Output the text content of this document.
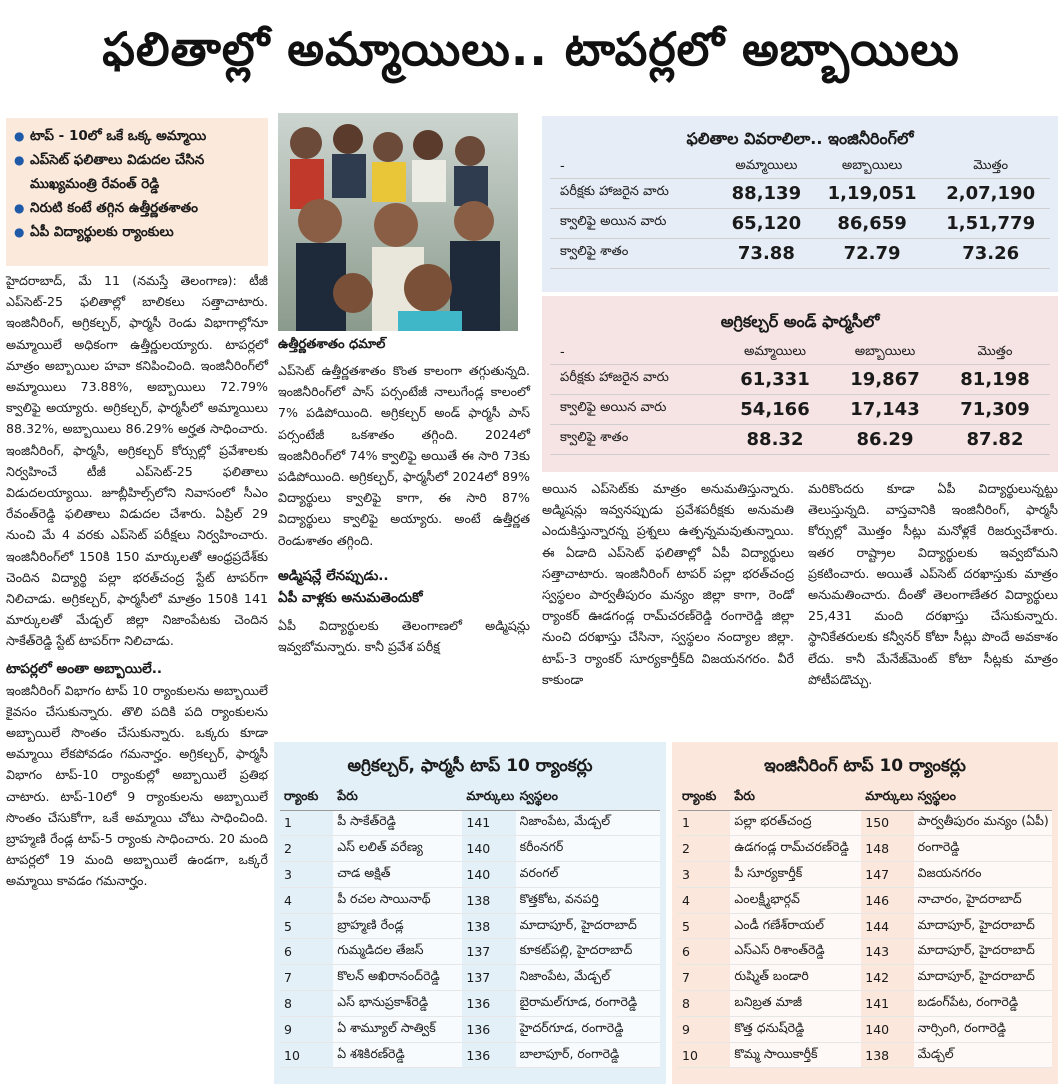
ఫలితాల్లో అమ్మాయిలు.. టాపర్లలో అబ్బాయిలు
● టాప్ - 10లో ఒకే ఒక్క అమ్మాయి
● ఎప్‌సెట్ ఫలితాలు విడుదల చేసిన ముఖ్యమంత్రి రేవంత్ రెడ్డి
● నిరుటి కంటే తగ్గిన ఉత్తీర్ణతశాతం
● ఏపీ విద్యార్థులకు ర్యాంకులు

హైదరాబాద్, మే 11 (నమస్తే తెలంగాణ): టీజీ ఎప్‌సెట్-25 ఫలితాల్లో బాలికలు సత్తాచాటారు. ఇంజినీరింగ్, అగ్రికల్చర్, ఫార్మసీ రెండు విభాగాల్లోనూ అమ్మాయిలే అధికంగా ఉత్తీర్ణులయ్యారు. టాపర్లలో మాత్రం అబ్బాయిల హవా కనిపించింది. ఇంజినీరింగ్‌లో అమ్మాయిలు 73.88%, అబ్బాయిలు 72.79% క్వాలిఫై అయ్యారు. అగ్రికల్చర్, ఫార్మసీలో అమ్మాయిలు 88.32%, అబ్బాయిలు 86.29% అర్హత సాధించారు. ఇంజినీరింగ్, ఫార్మసీ, అగ్రికల్చర్ కోర్సుల్లో ప్రవేశాలకు నిర్వహించే టీజీ ఎప్‌సెట్-25 ఫలితాలు విడుదలయ్యాయి. జూబ్లీహిల్స్‌లోని నివాసంలో సీఎం రేవంత్‌రెడ్డి ఫలితాలు విడుదల చేశారు. ఏప్రిల్ 29 నుంచి మే 4 వరకు ఎప్‌సెట్ పరీక్షలు నిర్వహించారు. ఇంజినీరింగ్‌లో 150కి 150 మార్కులతో ఆంధ్రప్రదేశ్‌కు చెందిన విద్యార్థి పల్లా భరత్‌చంద్ర స్టేట్ టాపర్‌గా నిలిచాడు. అగ్రికల్చర్, ఫార్మసీలో మాత్రం 150కి 141 మార్కులతో మేడ్చల్ జిల్లా నిజాంపేటకు చెందిన సాకేత్‌రెడ్డి స్టేట్ టాపర్‌గా నిలిచాడు.

టాపర్లలో అంతా అబ్బాయిలే..

ఇంజినీరింగ్ విభాగం టాప్ 10 ర్యాంకులను అబ్బాయిలే కైవసం చేసుకున్నారు. తొలి పదికి పది ర్యాంకులను అబ్బాయిలే సొంతం చేసుకున్నారు. ఒక్కరు కూడా అమ్మాయి లేకపోవడం గమనార్హం. అగ్రికల్చర్, ఫార్మసీ విభాగం టాప్-10 ర్యాంకుల్లో అబ్బాయిలే ప్రతిభ చాటారు. టాప్-10లో 9 ర్యాంకులను అబ్బాయిలే సొంతం చేసుకోగా, ఒకే అమ్మాయి చోటు సాధించింది. బ్రాహ్మణి రేండ్ల టాప్-5 ర్యాంకు సాధించారు. 20 మంది టాపర్లలో 19 మంది అబ్బాయిలే ఉండగా, ఒక్కరే అమ్మాయి కావడం గమనార్హం.

ఉత్తీర్ణతశాతం ధమాల్

ఎప్‌సెట్ ఉత్తీర్ణతశాతం కొంత కాలంగా తగ్గుతున్నది. ఇంజినీరింగ్‌లో పాస్ పర్సంటేజీ నాలుగేండ్ల కాలంలో 7% పడిపోయింది. అగ్రికల్చర్ అండ్ ఫార్మసీ పాస్ పర్సంటేజీ ఒకశాతం తగ్గింది. 2024లో ఇంజినీరింగ్‌లో 74% క్వాలిఫై అయితే ఈ సారి 73కు పడిపోయింది. అగ్రికల్చర్, ఫార్మసీలో 2024లో 89% విద్యార్థులు క్వాలిఫై కాగా, ఈ సారి 87% విద్యార్థులు క్వాలిఫై అయ్యారు. అంటే ఉత్తీర్ణత రెండుశాతం తగ్గింది.

అడ్మిషన్లే లేనప్పుడు..

ఏపీ వాళ్లకు అనుమతెందుకో

ఏపీ విద్యార్థులకు తెలంగాణలో అడ్మిషన్లు ఇవ్వబోమన్నారు. కానీ ప్రవేశ పరీక్ష

అయిన ఎప్‌సెట్‌కు మాత్రం అనుమతిస్తున్నారు. అడ్మిషన్లు ఇవ్వనప్పుడు ప్రవేశపరీక్షకు అనుమతి ఎందుకిస్తున్నారన్న ప్రశ్నలు ఉత్పన్నమవుతున్నాయి. ఈ ఏడాది ఎప్‌సెట్ ఫలితాల్లో ఏపీ విద్యార్థులు సత్తాచాటారు. ఇంజినీరింగ్ టాపర్ పల్లా భరత్‌చంద్ర స్వస్థలం పార్వతీపురం మన్యం జిల్లా కాగా, రెండో ర్యాంకర్ ఊడగండ్ల రామ్‌చరణ్‌రెడ్డి రంగారెడ్డి జిల్లా నుంచి దరఖాస్తు చేసినా, స్వస్థలం నంద్యాల జిల్లా. టాప్-3 ర్యాంకర్ సూర్యకార్తీక్‌ది విజయనగరం. వీరే కాకుండా

మరికొందరు కూడా ఏపీ విద్యార్థులున్నట్టు తెలుస్తున్నది. వాస్తవానికి ఇంజినీరింగ్, ఫార్మసీ కోర్సుల్లో మొత్తం సీట్లు మనోళ్లకే రిజర్వుచేశారు. ఇతర రాష్ట్రాల విద్యార్థులకు ఇవ్వబోమని ప్రకటించారు. అయితే ఎప్‌సెట్ దరఖాస్తుకు మాత్రం అనుమతించారు. దీంతో తెలంగాణేతర విద్యార్థులు 25,431 మంది దరఖాస్తు చేసుకున్నారు. స్థానికేతరులకు కన్వీనర్ కోటా సీట్లు పొందే అవకాశం లేదు. కానీ మేనేజ్‌మెంట్ కోటా సీట్లకు మాత్రం పోటీపడొచ్చు.

ఫలితాల వివరాలిలా.. ఇంజినీరింగ్‌లో
-	అమ్మాయిలు	అబ్బాయిలు	మొత్తం
పరీక్షకు హాజరైన వారు	88,139	1,19,051	2,07,190
క్వాలిఫై అయిన వారు	65,120	86,659	1,51,779
క్వాలిఫై శాతం	73.88	72.79	73.26
అగ్రికల్చర్ అండ్ ఫార్మసీలో
-	అమ్మాయిలు	అబ్బాయిలు	మొత్తం
పరీక్షకు హాజరైన వారు	61,331	19,867	81,198
క్వాలిఫై అయిన వారు	54,166	17,143	71,309
క్వాలిఫై శాతం	88.32	86.29	87.82
అగ్రికల్చర్, ఫార్మసీ టాప్ 10 ర్యాంకర్లు
ర్యాంకు	పేరు	మార్కులు	స్వస్థలం
1	పీ సాకేత్‌రెడ్డి	141	నిజాంపేట, మేడ్చల్
2	ఎస్ లలిత్ వరేణ్య	140	కరీంనగర్
3	చాడ అక్షిత్	140	వరంగల్
4	పీ రచల సాయినాథ్	138	కొత్తకోట, వనపర్తి
5	బ్రాహ్మణి రేండ్ల	138	మాదాపూర్, హైదరాబాద్
6	గుమ్మడిదల తేజస్	137	కూకట్‌పల్లి, హైదరాబాద్
7	కొలన్ అఖిరానంద్‌రెడ్డి	137	నిజాంపేట, మేడ్చల్
8	ఎస్ భానుప్రకాశ్‌రెడ్డి	136	బైరామల్‌గూడ, రంగారెడ్డి
9	ఏ శామ్యూల్ సాత్విక్	136	హైదర్‌గూడ, రంగారెడ్డి
10	ఏ శశికిరణ్‌రెడ్డి	136	బాలాపూర్, రంగారెడ్డి
ఇంజినీరింగ్ టాప్ 10 ర్యాంకర్లు
ర్యాంకు	పేరు	మార్కులు	స్వస్థలం
1	పల్లా భరత్‌చంద్ర	150	పార్వతీపురం మన్యం (ఏపీ)
2	ఉడగండ్ల రామ్‌చరణ్‌రెడ్డి	148	రంగారెడ్డి
3	పీ సూర్యకార్తీక్	147	విజయనగరం
4	ఎంలక్ష్మీభార్గవ్	146	నాచారం, హైదరాబాద్
5	ఎండీ గణేశ్‌రాయల్	144	మాదాపూర్, హైదరాబాద్
6	ఎస్ఎస్ రిశాంత్‌రెడ్డి	143	మాదాపూర్, హైదరాబాద్
7	రుష్మిత్ బండారి	142	మాదాపూర్, హైదరాబాద్
8	బనిబ్రత మాజీ	141	బడంగ్‌పేట, రంగారెడ్డి
9	కొత్త ధనుష్‌రెడ్డి	140	నార్సింగి, రంగారెడ్డి
10	కొమ్మ సాయికార్తీక్	138	మేడ్చల్
